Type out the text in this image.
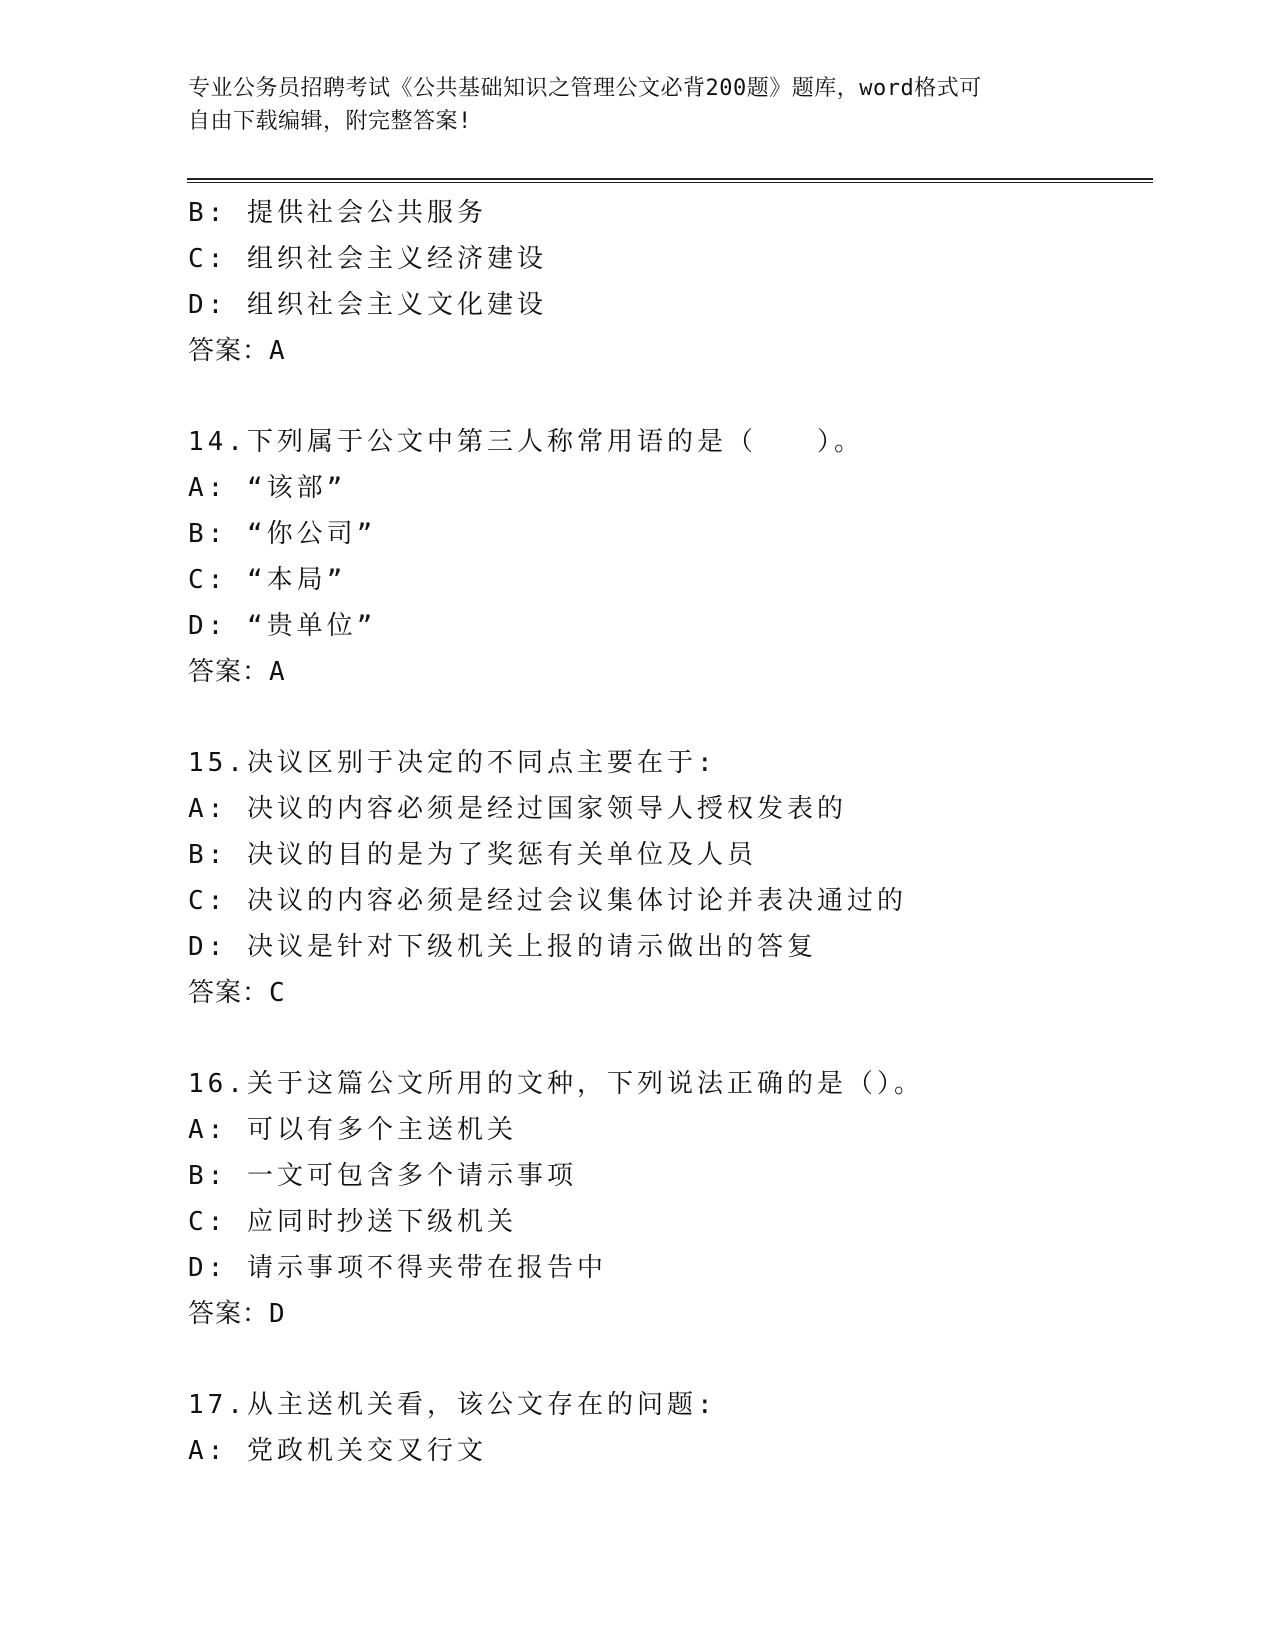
专业公务员招聘考试《公共基础知识之管理公文必背200题》题库，word格式可
自由下载编辑，附完整答案!
B: 提供社会公共服务
C: 组织社会主义经济建设
D: 组织社会主义文化建设
答案：A
14.下列属于公文中第三人称常用语的是（　　）。
A: “该部”
B: “你公司”
C: “本局”
D: “贵单位”
答案：A
15.决议区别于决定的不同点主要在于:
A: 决议的内容必须是经过国家领导人授权发表的
B: 决议的目的是为了奖惩有关单位及人员
C: 决议的内容必须是经过会议集体讨论并表决通过的
D: 决议是针对下级机关上报的请示做出的答复
答案：C
16.关于这篇公文所用的文种，下列说法正确的是（）。
A: 可以有多个主送机关
B: 一文可包含多个请示事项
C: 应同时抄送下级机关
D: 请示事项不得夹带在报告中
答案：D
17.从主送机关看，该公文存在的问题:
A: 党政机关交叉行文
